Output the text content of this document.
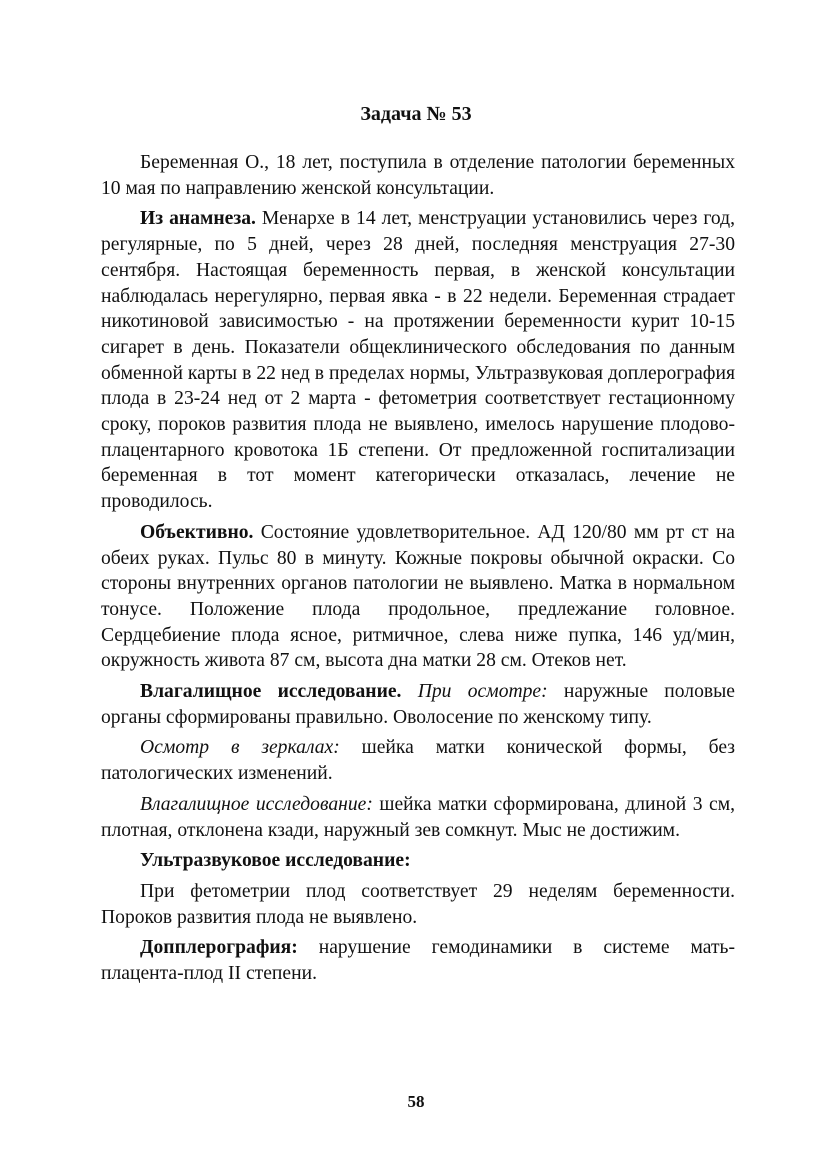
Задача № 53

Беременная О., 18 лет, поступила в отделение патологии беременных 10 мая по направлению женской консультации.

Из анамнеза. Менархе в 14 лет, менструации установились через год, регулярные, по 5 дней, через 28 дней, последняя менструация 27-30 сентября. Настоящая беременность первая, в женской консультации наблюдалась нерегулярно, первая явка - в 22 недели. Беременная страдает никотиновой зависимостью - на протяжении беременности курит 10-15 сигарет в день. Показатели общеклинического обследования по данным обменной карты в 22 нед в пределах нормы, Ультразвуковая доплерография плода в 23-24 нед от 2 марта - фетометрия соответствует гестационному сроку, пороков развития плода не выявлено, имелось нарушение плодово-плацентарного кровотока 1Б степени. От предложенной госпитализации беременная в тот момент категорически отказалась, лечение не проводилось.

Объективно. Состояние удовлетворительное. АД 120/80 мм рт ст на обеих руках. Пульс 80 в минуту. Кожные покровы обычной окраски. Со стороны внутренних органов патологии не выявлено. Матка в нормальном тонусе. Положение плода продольное, предлежание головное. Сердцебиение плода ясное, ритмичное, слева ниже пупка, 146 уд/мин, окружность живота 87 см, высота дна матки 28 см. Отеков нет.

Влагалищное исследование. При осмотре: наружные половые органы сформированы правильно. Оволосение по женскому типу.

Осмотр в зеркалах: шейка матки конической формы, без патологических изменений.

Влагалищное исследование: шейка матки сформирована, длиной 3 см, плотная, отклонена кзади, наружный зев сомкнут. Мыс не достижим.

Ультразвуковое исследование:

При фетометрии плод соответствует 29 неделям беременности. Пороков развития плода не выявлено.

Допплерография: нарушение гемодинамики в системе мать-плацента-плод II степени.

58
